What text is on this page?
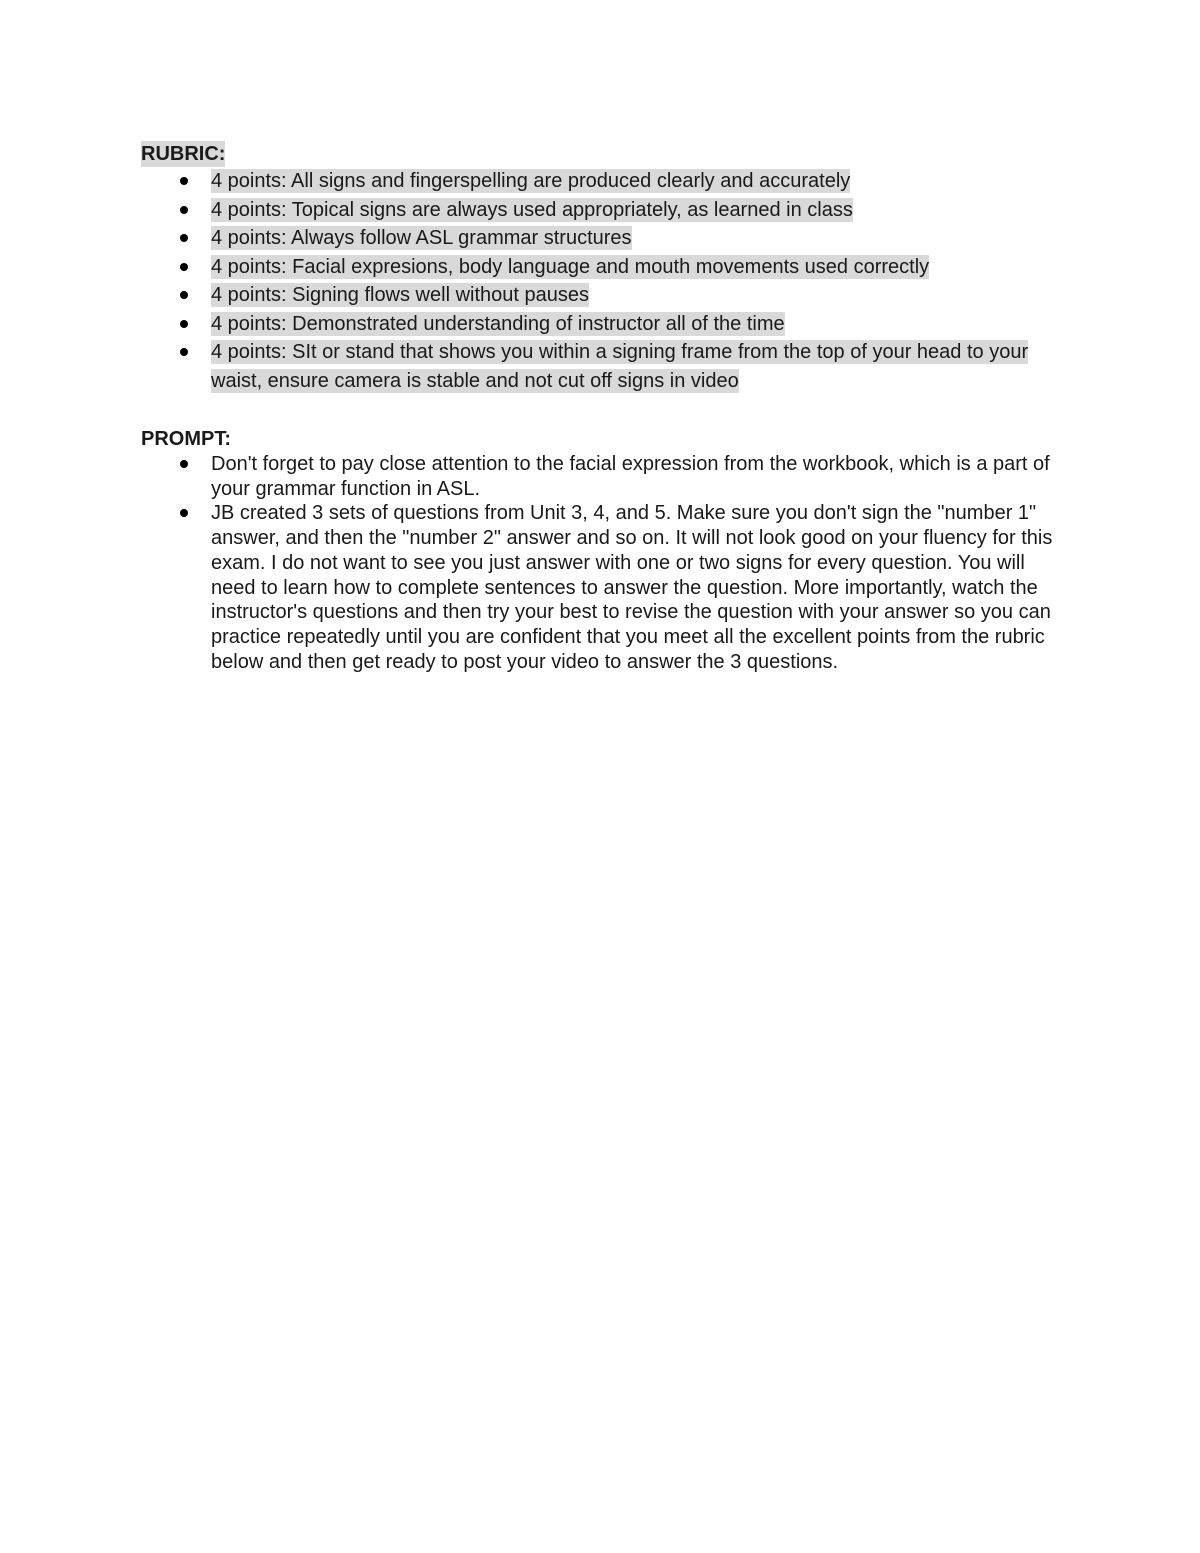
RUBRIC:
4 points: All signs and fingerspelling are produced clearly and accurately
4 points: Topical signs are always used appropriately, as learned in class
4 points: Always follow ASL grammar structures
4 points: Facial expresions, body language and mouth movements used correctly
4 points: Signing flows well without pauses
4 points: Demonstrated understanding of instructor all of the time
4 points: SIt or stand that shows you within a signing frame from the top of your head to your waist, ensure camera is stable and not cut off signs in video
PROMPT:
Don't forget to pay close attention to the facial expression from the workbook, which is a part of your grammar function in ASL.
JB created 3 sets of questions from Unit 3, 4, and 5. Make sure you don't sign the "number 1" answer, and then the "number 2" answer and so on. It will not look good on your fluency for this exam. I do not want to see you just answer with one or two signs for every question. You will need to learn how to complete sentences to answer the question. More importantly, watch the instructor's questions and then try your best to revise the question with your answer so you can practice repeatedly until you are confident that you meet all the excellent points from the rubric below and then get ready to post your video to answer the 3 questions.
